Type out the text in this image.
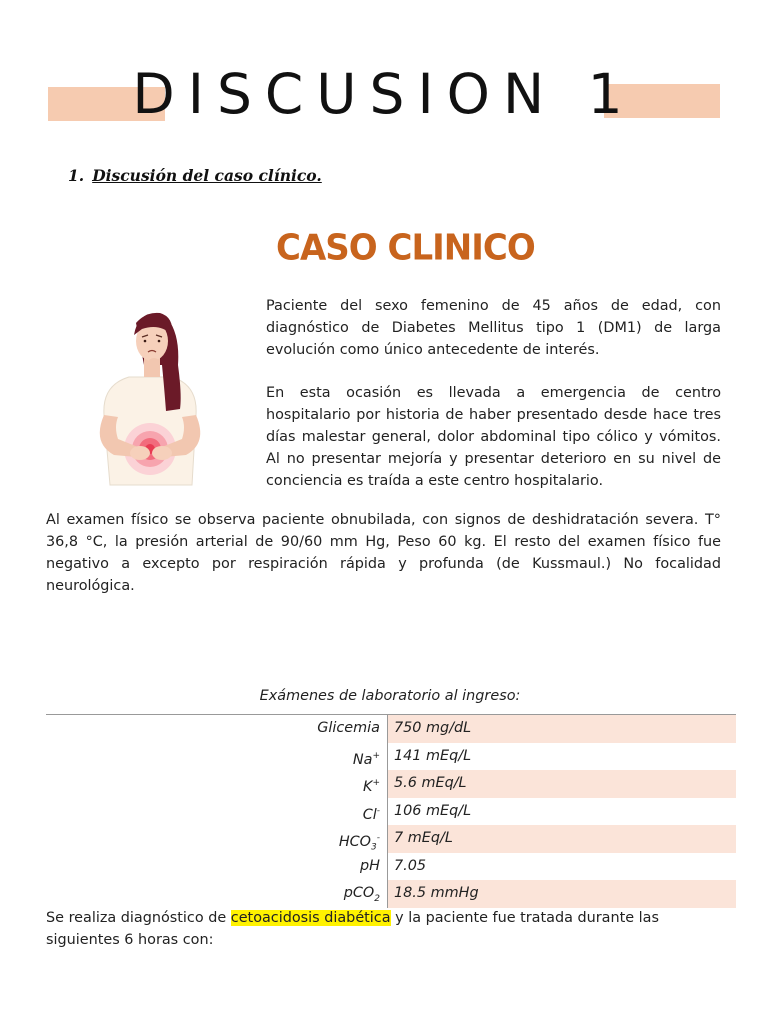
DISCUSION 1
1. Discusión del caso clínico.
CASO CLINICO
Paciente del sexo femenino de 45 años de edad, con diagnóstico de Diabetes Mellitus tipo 1 (DM1) de larga evolución como único antecedente de interés.
En esta ocasión es llevada a emergencia de centro hospitalario por historia de haber presentado desde hace tres días malestar general, dolor abdominal tipo cólico y vómitos. Al no presentar mejoría y presentar deterioro en su nivel de conciencia es traída a este centro hospitalario.
Al examen físico se observa paciente obnubilada, con signos de deshidratación severa. T° 36,8 °C, la presión arterial de 90/60 mm Hg, Peso 60 kg. El resto del examen físico fue negativo a excepto por respiración rápida y profunda (de Kussmaul.) No focalidad neurológica.
Exámenes de laboratorio al ingreso:
Glicemia 750 mg/dL
Na+ 141 mEq/L
K+ 5.6 mEq/L
Cl- 106 mEq/L
$HCO_3^-$ 7 mEq/L
pH 7.05
pCO$_2$ 18.5 mmHg
Se realiza diagnóstico de cetoacidosis diabética y la paciente fue tratada durante las siguientes 6 horas con:
